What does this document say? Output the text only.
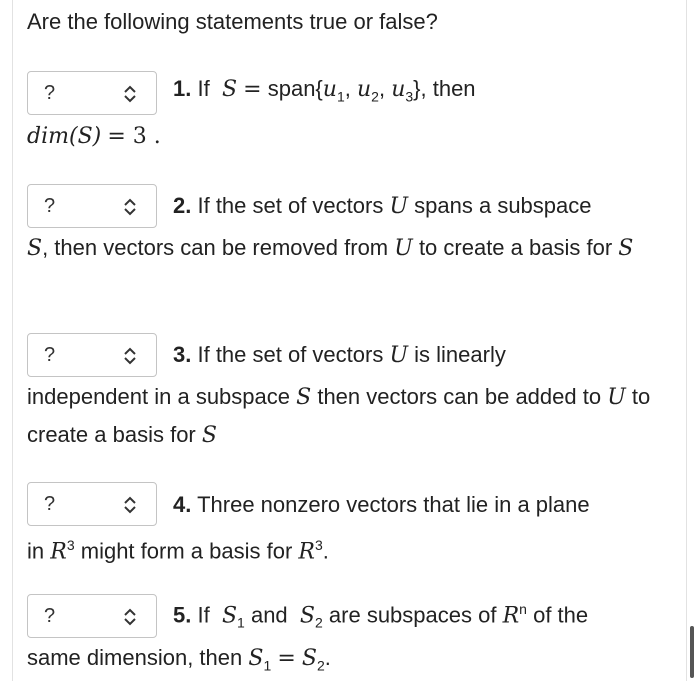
Are the following statements true or false?
?	1. If $S = span\{u_1$, $u_2$, $u_3$}, then

dim(S) = 3 .

?	2. If the set of vectors U spans a subspace

S, then vectors can be removed from U to create a basis for S

?	3. If the set of vectors U is linearly

independent in a subspace S then vectors can be added to U to create a basis for S

?	4. Three nonzero vectors that lie in a plane

in $R^3$ might form a basis for $R^3$.

?	5. If $S_1$ and $S_2$ are subspaces of $R^n$ of the

same dimension, then $S_1 = S_2$.
